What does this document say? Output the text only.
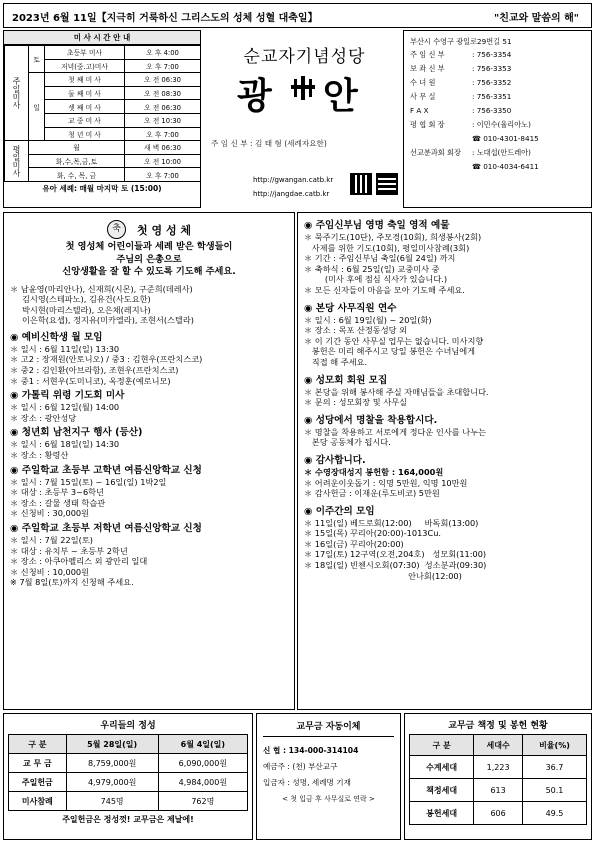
2023년 6월 11일【지극히 거룩하신 그리스도의 성체 성혈 대축일】	"친교와 말씀의 해"
미 사 시 간 안 내
주일미사	토	초등부 미사	오 후 4:00
		저녁(중.고)미사	오 후 7:00
	일	첫 째 미 사	오 전 06:30
		둘 째 미 사	오 전 08:30
		셋 째 미 사	오 전 06:30
		교 중 미 사	오 전 10:30
		청 년 미 사	오 후 7:00
평일미사	월		새 벽 06:30
	화,수,목,금,토		오 전 10:00
	화, 수, 목, 금		오 후 7:00
유아 세례: 매월 마지막 토 (15:00)
순교자기념성당
광 안
주 임 신 부 : 김 태 형 (세례자요한)
http://gwangan.catb.kr
http://jangdae.catb.kr
부산시 수영구 광일로29번길 51
주 임 신 부	: 756-3354
보 좌 신 부	: 756-3353
수 녀 원	: 756-3352
사 무 실	: 756-3351
F A X	: 756-3350
평 협 회 장	: 이민수(율리아노)
☎ 010-4301-8415
선교분과회 회장 : 노대섭(안드레아)
☎ 010-4034-6411
축 첫 영 성 체
첫 영성체 어린이들과 세례 받은 학생들이
주님의 은총으로
신앙생활을 잘 할 수 있도록 기도해 주세요.
＊ 남윤영(마리안나), 신재희(시몬), 구준희(데레사)
김시영(스테파노), 김유건(사도요한)
박시현(마리스텔라), 오은채(레지나)
이은학(요셉), 정지유(미카엘라), 조현서(스텔라)
◉ 예비신학생 월 모임
＊ 일시 : 6월 11일(일) 13:30
＊ 고2 : 장재원(안토니오) / 중3 : 김현우(프란치스코)
＊ 중2 : 김인환(아브라함), 조현우(프란치스코)
＊ 중1 : 서현우(도미니코), 옥정훈(예로니모)
◉ 가톨릭 위령 기도회 미사
＊ 일시 : 6월 12일(월) 14:00
＊ 장소 : 광안성당
◉ 청년회 남천지구 행사 (등산)
＊ 일시 : 6월 18일(일) 14:30
＊ 장소 : 황령산
◉ 주일학교 초등부 고학년 여름신앙학교 신청
＊ 일시 : 7월 15일(토) ~ 16일(일) 1박2일
＊ 대상 : 초등부 3~6학년
＊ 장소 : 갈물 생태 학습관
＊ 신청비 : 30,000원
◉ 주일학교 초등부 저학년 여름신앙학교 신청
＊ 일시 : 7월 22일(토)
＊ 대상 : 유치부 ~ 초등부 2학년
＊ 장소 : 아쿠아펠리스 외 광안리 일대
＊ 신청비 : 10,000원
※ 7월 8일(토)까지 신청해 주세요.
◉ 주임신부님 영명 축일 영적 예물
＊ 묵주기도(10단), 주모경(10회), 희생봉사(2회)
사제를 위한 기도(10회), 평일미사참례(3회)
＊ 기간 : 주임신부님 축일(6월 24일) 까지
＊ 축하식 : 6월 25일(일) 교중미사 중
(미사 후에 점심 식사가 있습니다.)
＊ 모든 신자들이 마음을 모아 기도해 주세요.
◉ 본당 사무직원 연수
＊ 일시 : 6월 19일(월) ~ 20일(화)
＊ 장소 : 목포 산정동성당 외
＊ 이 기간 동안 사무실 업무는 없습니다. 미사지향
봉헌은 미리 해주시고 당일 봉헌은 수녀님에게
직접 해 주세요.
◉ 성모회 회원 모집
＊ 본당을 위해 봉사해 주실 자매님들을 초대합니다.
＊ 문의 : 성모회장 및 사무실
◉ 성당에서 명찰을 착용합시다.
＊ 명찰을 착용하고 서로에게 정다운 인사를 나누는
본당 공동체가 됩시다.
◉ 감사합니다.
＊ 수영장대성지 봉헌함 : 164,000원
＊ 어려운이웃돕기 : 익명 5만원, 익명 10만원
＊ 감사헌금 : 이재운(루도비코) 5만원
◉ 이주간의 모임
＊ 11일(일) 베드로회(12:00)     바독회(13:00)
＊ 15일(목) 꾸리아(20:00)-1013Cu.
＊ 16일(금) 꾸리아(20:00)
＊ 17일(토) 12구역(오전,204호)   성모회(11:00)
＊ 18일(일) 빈첸시오회(07:30)  성소분과(09:30)
안나회(12:00)
우리들의 정성
구 분	5월 28일(일)	6월 4일(일)
교 무 금	8,759,000원	6,090,000원
주일헌금	4,979,000원	4,984,000원
미사참례	745명	762명
주일헌금은 정성껏! 교무금은 제날에!
교무금 자동이체
신 협 : 134-000-314104
예금주 : (천) 부산교구
입금자 : 성명, 세례명 기재
< 첫 입금 후 사무실로 연락 >
교무금 책정 및 봉헌 현황
구 분	세대수	비율(%)
수계세대	1,223	36.7
책정세대	613	50.1
봉헌세대	606	49.5
